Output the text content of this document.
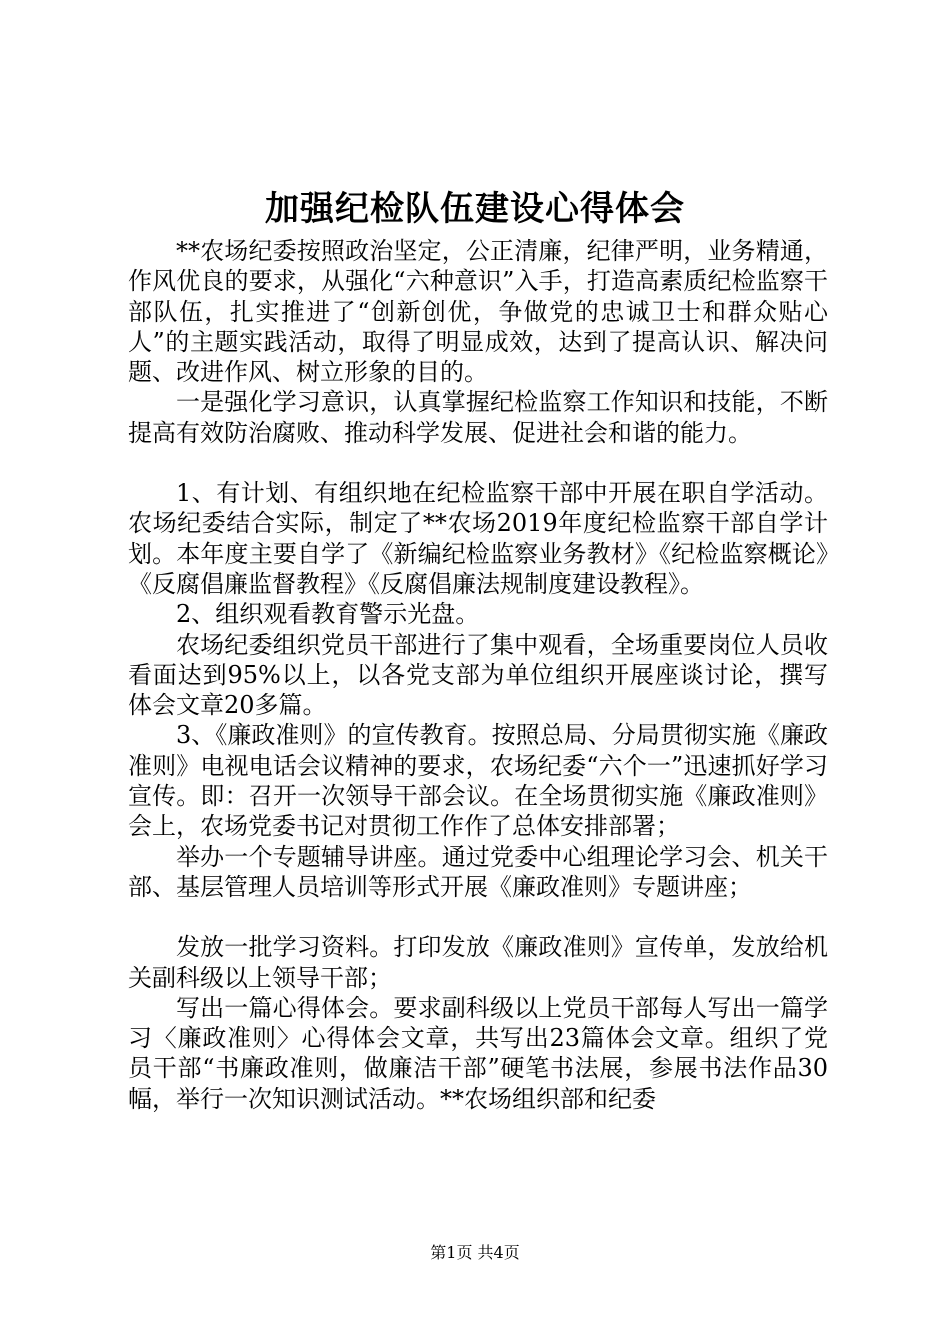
加强纪检队伍建设心得体会

**农场纪委按照政治坚定，公正清廉，纪律严明，业务精通，作风优良的要求，从强化“六种意识”入手，打造高素质纪检监察干部队伍，扎实推进了“创新创优，争做党的忠诚卫士和群众贴心人”的主题实践活动，取得了明显成效，达到了提高认识、解决问题、改进作风、树立形象的目的。

一是强化学习意识，认真掌握纪检监察工作知识和技能，不断提高有效防治腐败、推动科学发展、促进社会和谐的能力。

1、有计划、有组织地在纪检监察干部中开展在职自学活动。农场纪委结合实际，制定了**农场2019年度纪检监察干部自学计划。本年度主要自学了《新编纪检监察业务教材》《纪检监察概论》《反腐倡廉监督教程》《反腐倡廉法规制度建设教程》。

2、组织观看教育警示光盘。

农场纪委组织党员干部进行了集中观看，全场重要岗位人员收看面达到95%以上，以各党支部为单位组织开展座谈讨论，撰写体会文章20多篇。

3、《廉政准则》的宣传教育。按照总局、分局贯彻实施《廉政准则》电视电话会议精神的要求，农场纪委“六个一”迅速抓好学习宣传。即：召开一次领导干部会议。在全场贯彻实施《廉政准则》会上，农场党委书记对贯彻工作作了总体安排部署；

举办一个专题辅导讲座。通过党委中心组理论学习会、机关干部、基层管理人员培训等形式开展《廉政准则》专题讲座；

发放一批学习资料。打印发放《廉政准则》宣传单，发放给机关副科级以上领导干部；

写出一篇心得体会。要求副科级以上党员干部每人写出一篇学习〈廉政准则〉心得体会文章，共写出23篇体会文章。组织了党员干部“书廉政准则，做廉洁干部”硬笔书法展，参展书法作品30幅，举行一次知识测试活动。**农场组织部和纪委

第1页 共4页
